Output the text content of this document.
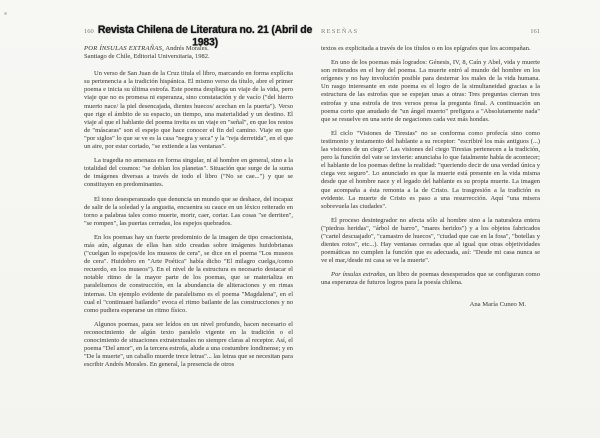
Revista Chilena de Literatura no. 21 (Abril de 1983)
160
POR ÍNSULAS EXTRAÑAS, Andrés Morales.
Santiago de Chile, Editorial Universitaria, 1982.
Un verso de San Juan de la Cruz titula el libro, marcando en forma explícita su pertenencia a la tradición hispánica. El mismo verso da título, abre el primer poema e inicia su última estrofa. Este poema despliega un viaje de la vida, pero viaje que no es promesa ni esperanza, sino constatación y de vacío ("del hierro muerto nace/ la piel desencajada, dientes huecos/ acechan en la puerta"). Verso que rige el ámbito de su espacio, un tiempo, una materialidad y un destino. El viaje al que el hablante del poema invita es un viaje en "señal", en que los restos de "máscaras" son el espejo que hace conocer el fin del camino. Viaje en que "por siglos" lo que se ve es la casa "negra y seca" y la "reja derretida", en el que un aire, por estar cortado, "se extiende a las ventanas".
La tragedia no amenaza en forma singular, ni al hombre en general, sino a la totalidad del cosmos: "se doblan los planetas". Situación que surge de la suma de imágenes diversas a través de todo el libro ("No se cae...") y que se constituyen en predominantes.
El tono desesperanzado que denuncia un mundo que se deshace, del incapaz de salir de la soledad y la angustia, encuentra su cauce en un léxico reiterado en torno a palabras tales como muerte, morir, caer, cortar. Las cosas "se derriten", "se rompen", las puertas cerradas, los espejos quebrados.
En los poemas hay un fuerte predominio de la imagen de tipo creacionista, más aún, algunas de ellas han sido creadas sobre imágenes huidobrianas ("cuelgan lo espejos/de los museos de cera", se dice en el poema "Los museos de cera". Huidobro en "Arte Poética" había dicho "El milagro cuelga,/como recuerdo, en los museos"). En el nivel de la estructura es necesario destacar el notable ritmo de la mayor parte de los poemas, que se materializa en paralelismos de construcción, en la abundancia de aliteraciones y en rimas internas. Un ejemplo evidente de paralelismo es el poema "Magdalena", en el cual el "continuaré bailando" evoca el ritmo bailante de las construcciones y no como pudiera esperarse un ritmo físico.
Algunos poemas, para ser leídos en un nivel profundo, hacen necesario el reconocimiento de algún texto paralelo vigente en la tradición o el conocimiento de situaciones extratextuales no siempre claras al receptor. Así, el poema "Del amor", en la tercera estrofa, alude a una costumbre londinense; y en "De la muerte", un caballo muerde trece letras"... las letras que se necesitan para escribir Andrés Morales. En general, la presencia de otros
RESEÑAS	161
textos es explicitada a través de los títulos o en los epígrafes que los acompañan.
En uno de los poemas más logrados: Génesis, IV, 8, Caín y Abel, vida y muerte son reiterados en el hoy del poema. La muerte entró al mundo del hombre en los orígenes y no hay involución posible para desterrar los males de la vida humana. Un rasgo interesante en este poema es el logro de la simultaneidad gracias a la estructura de las estrofas que se espejan unas a otras: Tres preguntas cierran tres estrofas y una estrofa de tres versos presa la pregunta final. A continuación un poema corto que anudado de "un ángel muerto" prefigura a "Absolutamente nada" que se resuelve en una serie de negaciones cada vez más hondas.
El ciclo "Visiones de Tiresias" no se conforma como profecía sino como testimonio y testamento del hablante a su receptor: "escribiré los más antiguos (...) las visiones de un ciego". Las visiones del ciego Tiresias pertenecen a la tradición, pero la función del vate se invierte: anunciaba lo que fatalmente había de acontecer; el hablante de los poemas define la realidad: "queriendo decir de una verdad única y ciega vez seguro". Lo anunciado es que la muerte está presente en la vida misma desde que el hombre nace y el legado del hablante es su propia muerte. La imagen que acompaña a ésta remonta a la de Cristo. La trasgresión a la tradición es evidente. La muerte de Cristo es paso a una resurrección. Aquí "una misera sobrevuela las ciudades".
El proceso desintegrador no afecta sólo al hombre sino a la naturaleza entera ("piedras heridas", "árbol de barro", "mares heridos") y a los objetos fabricados ("cartel descuajado", "camastro de huecos", "ciudad que cae en la fosa", "botellas y dientes rotos", etc...). Hay ventanas cerradas que al igual que otras objetividades poemáticas no cumplen la función que es adecuada, así: "Desde mi casa nunca se ve el mar,/desde mi casa se ve la muerte".
Por ínsulas extrañas, un libro de poemas desesperados que se configuran como una esperanza de futuros logros para la poesía chilena.
Ana María Cuneo M.
